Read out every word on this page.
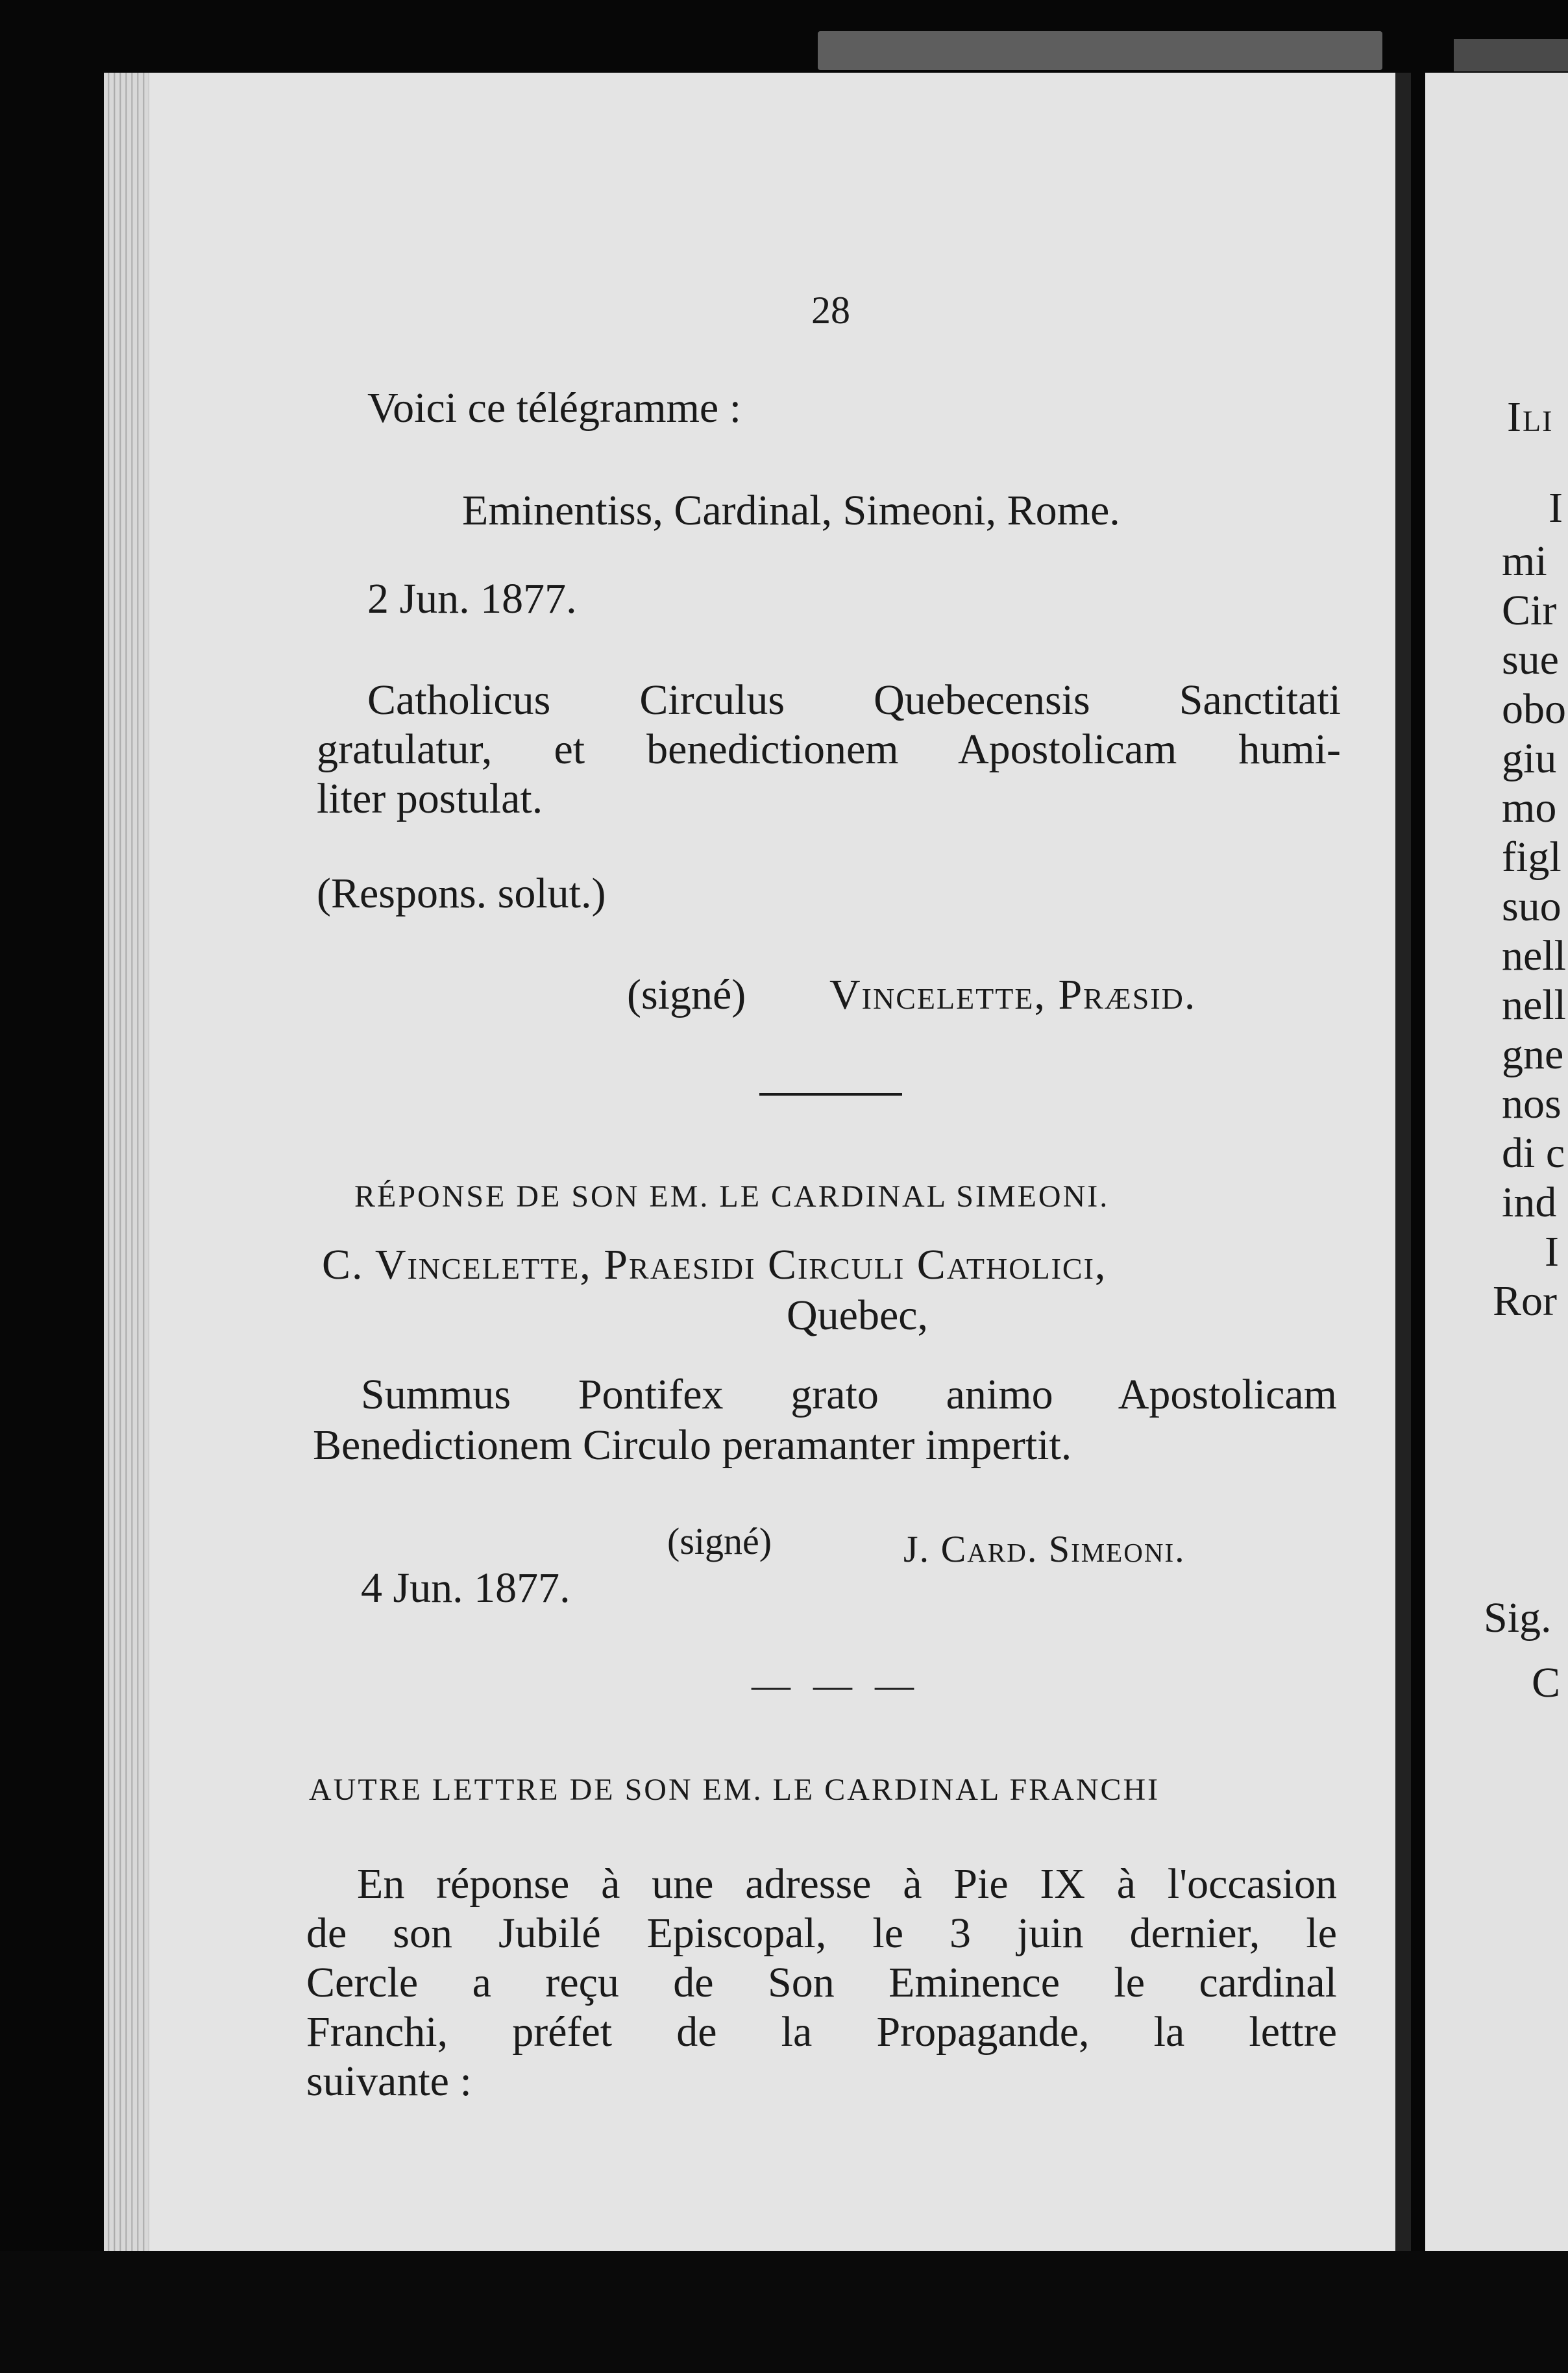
28
Voici ce télégramme :
Eminentiss, Cardinal, Simeoni, Rome.
2 Jun. 1877.
Catholicus Circulus Quebecensis Sanctitati
gratulatur, et benedictionem Apostolicam humi-
liter postulat.
(Respons. solut.)
(signé) Vincelette, Præsid.
RÉPONSE DE SON EM. LE CARDINAL SIMEONI.
C. Vincelette, Praesidi Circuli Catholici,
Quebec,
Summus Pontifex grato animo Apostolicam
Benedictionem Circulo peramanter impertit.
(signé)	J. Card. Simeoni.
4 Jun. 1877.
— — —
AUTRE LETTRE DE SON EM. LE CARDINAL FRANCHI
En réponse à une adresse à Pie IX à l'occasion
de son Jubilé Episcopal, le 3 juin dernier, le
Cercle a reçu de Son Eminence le cardinal
Franchi, préfet de la Propagande, la lettre
suivante :
Ili
I
mi
Cir
sue
obo
giu
mo
figl
suo
nell
nell
gne
nos
di c
ind
I
Ror
Sig.
C
